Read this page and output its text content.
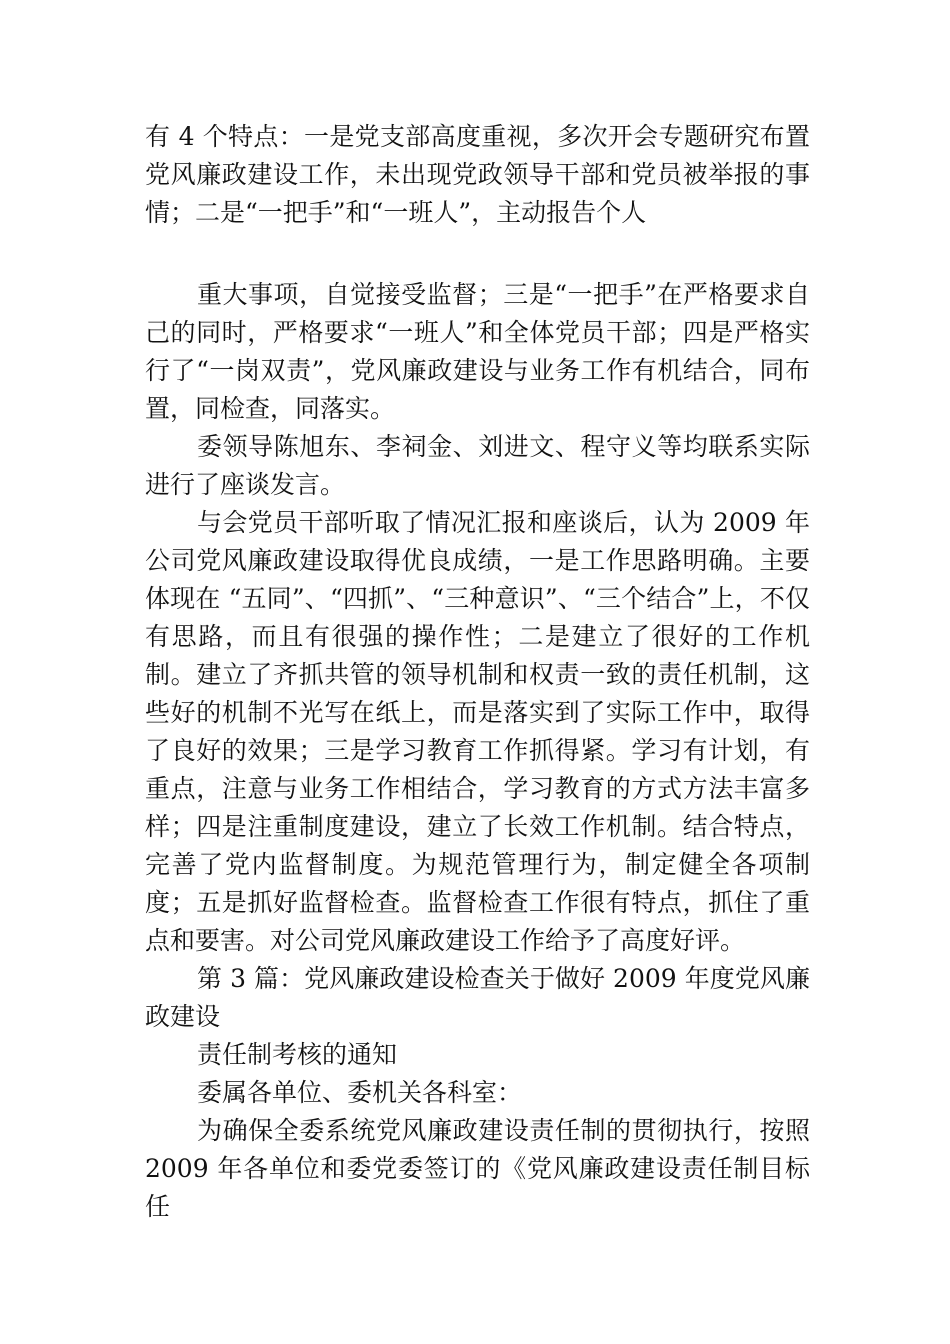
有 4 个特点：一是党支部高度重视，多次开会专题研究布置党风廉政建设工作，未出现党政领导干部和党员被举报的事情；二是“一把手”和“一班人”，主动报告个人

重大事项，自觉接受监督；三是“一把手”在严格要求自己的同时，严格要求“一班人”和全体党员干部；四是严格实行了“一岗双责”，党风廉政建设与业务工作有机结合，同布置，同检查，同落实。

委领导陈旭东、李祠金、刘进文、程守义等均联系实际进行了座谈发言。

与会党员干部听取了情况汇报和座谈后，认为 2009 年公司党风廉政建设取得优良成绩，一是工作思路明确。主要体现在 “五同”、“四抓”、“三种意识”、“三个结合”上，不仅有思路，而且有很强的操作性；二是建立了很好的工作机制。建立了齐抓共管的领导机制和权责一致的责任机制，这些好的机制不光写在纸上，而是落实到了实际工作中，取得了良好的效果；三是学习教育工作抓得紧。学习有计划，有重点，注意与业务工作相结合，学习教育的方式方法丰富多样；四是注重制度建设，建立了长效工作机制。结合特点，完善了党内监督制度。为规范管理行为，制定健全各项制度；五是抓好监督检查。监督检查工作很有特点，抓住了重点和要害。对公司党风廉政建设工作给予了高度好评。

第 3 篇：党风廉政建设检查关于做好 2009 年度党风廉政建设

责任制考核的通知

委属各单位、委机关各科室：

为确保全委系统党风廉政建设责任制的贯彻执行，按照 2009 年各单位和委党委签订的《党风廉政建设责任制目标任
